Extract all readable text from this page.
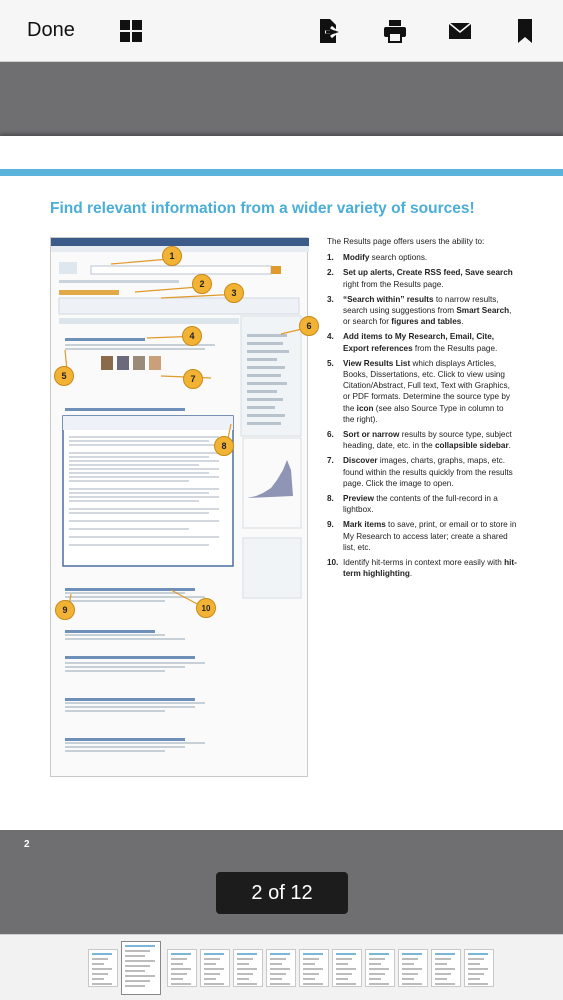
Done
Find relevant information from a wider variety of sources!
1
2
3
4
5
6
7
8
9	10

The Results page offers users the ability to:

1.	Modify search options.
2.	Set up alerts, Create RSS feed, Save search right from the Results page.
3.	“Search within” results to narrow results, search using suggestions from Smart Search, or search for figures and tables.
4.	Add items to My Research, Email, Cite, Export references from the Results page.
5.	View Results List which displays Articles, Books, Dissertations, etc. Click to view using Citation/Abstract, Full text, Text with Graphics, or PDF formats. Determine the source type by the icon (see also Source Type in column to the right).
6.	Sort or narrow results by source type, subject heading, date, etc. in the collapsible sidebar.
7.	Discover images, charts, graphs, maps, etc. found within the results quickly from the results page. Click the image to open.
8.	Preview the contents of the full-record in a lightbox.
9.	Mark items to save, print, or email or to store in My Research to access later; create a shared list, etc.
10. Identify hit-terms in context more easily with hit-term highlighting.
2
2 of 12
